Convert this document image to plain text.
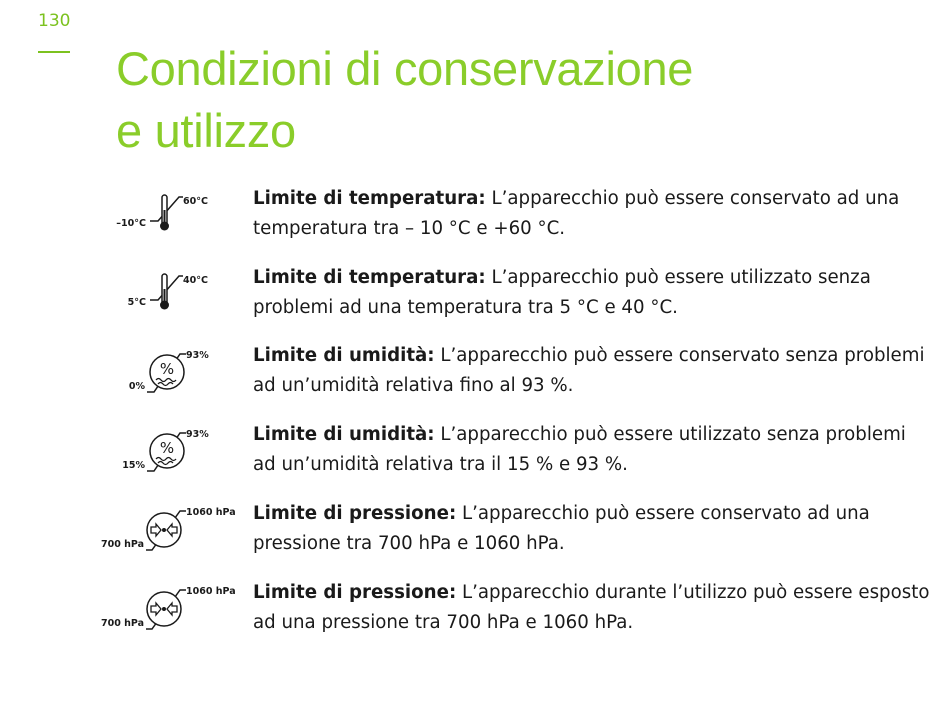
130
Condizioni di conservazione
e utilizzo
60°C
–10°C
Limite di temperatura: L’apparecchio può essere conservato ad una temperatura tra – 10 °C e +60 °C.
40°C
5°C
Limite di temperatura: L’apparecchio può essere utilizzato senza problemi ad una temperatura tra 5 °C e 40 °C.
%
93%
0%
Limite di umidità: L’apparecchio può essere conservato senza problemi ad un’umidità relativa fino al 93 %.
%
93%
15%
Limite di umidità: L’apparecchio può essere utilizzato senza problemi ad un’umidità relativa tra il 15 % e 93 %.
1060 hPa
700 hPa
Limite di pressione: L’apparecchio può essere conservato ad una pressione tra 700 hPa e 1060 hPa.
1060 hPa
700 hPa
Limite di pressione: L’apparecchio durante l’utilizzo può essere esposto ad una pressione tra 700 hPa e 1060 hPa.
